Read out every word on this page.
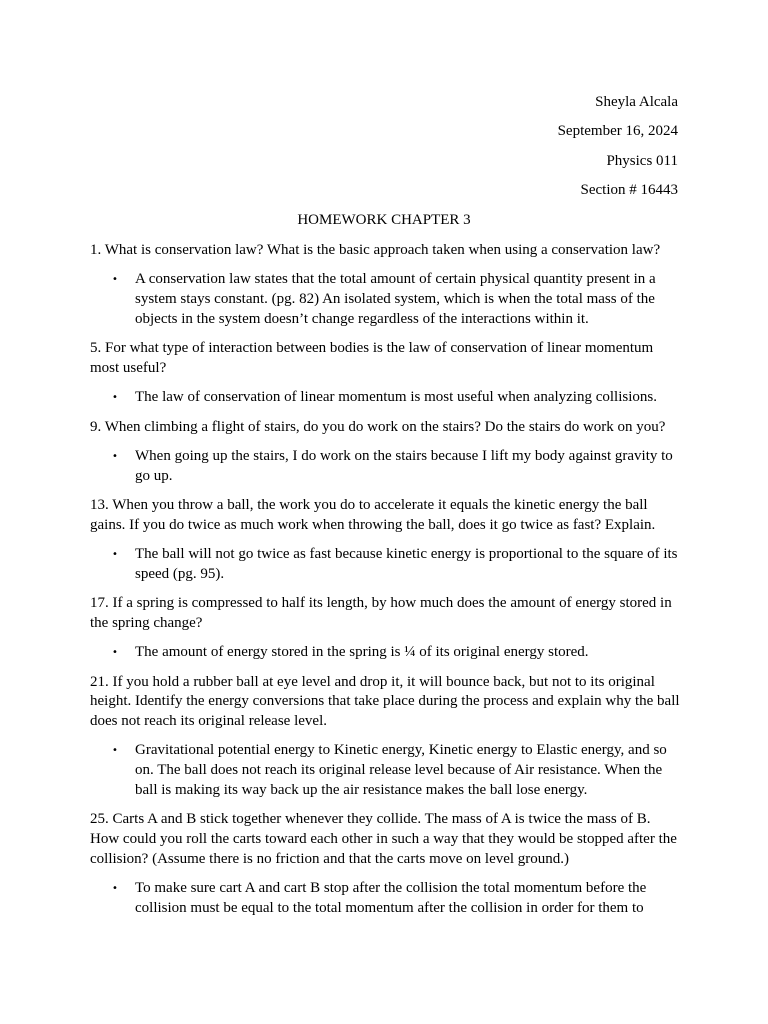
Sheyla Alcala
September 16, 2024
Physics 011
Section # 16443
HOMEWORK CHAPTER 3

1. What is conservation law? What is the basic approach taken when using a conservation law?

• A conservation law states that the total amount of certain physical quantity present in a system stays constant. (pg. 82) An isolated system, which is when the total mass of the objects in the system doesn’t change regardless of the interactions within it.

5. For what type of interaction between bodies is the law of conservation of linear momentum most useful?

• The law of conservation of linear momentum is most useful when analyzing collisions.

9. When climbing a flight of stairs, do you do work on the stairs? Do the stairs do work on you?

• When going up the stairs, I do work on the stairs because I lift my body against gravity to go up.

13. When you throw a ball, the work you do to accelerate it equals the kinetic energy the ball gains. If you do twice as much work when throwing the ball, does it go twice as fast? Explain.

• The ball will not go twice as fast because kinetic energy is proportional to the square of its speed (pg. 95).

17. If a spring is compressed to half its length, by how much does the amount of energy stored in the spring change?

• The amount of energy stored in the spring is ¼ of its original energy stored.

21. If you hold a rubber ball at eye level and drop it, it will bounce back, but not to its original height. Identify the energy conversions that take place during the process and explain why the ball does not reach its original release level.

• Gravitational potential energy to Kinetic energy, Kinetic energy to Elastic energy, and so on. The ball does not reach its original release level because of Air resistance. When the ball is making its way back up the air resistance makes the ball lose energy.

25. Carts A and B stick together whenever they collide. The mass of A is twice the mass of B. How could you roll the carts toward each other in such a way that they would be stopped after the collision? (Assume there is no friction and that the carts move on level ground.)

• To make sure cart A and cart B stop after the collision the total momentum before the collision must be equal to the total momentum after the collision in order for them to
